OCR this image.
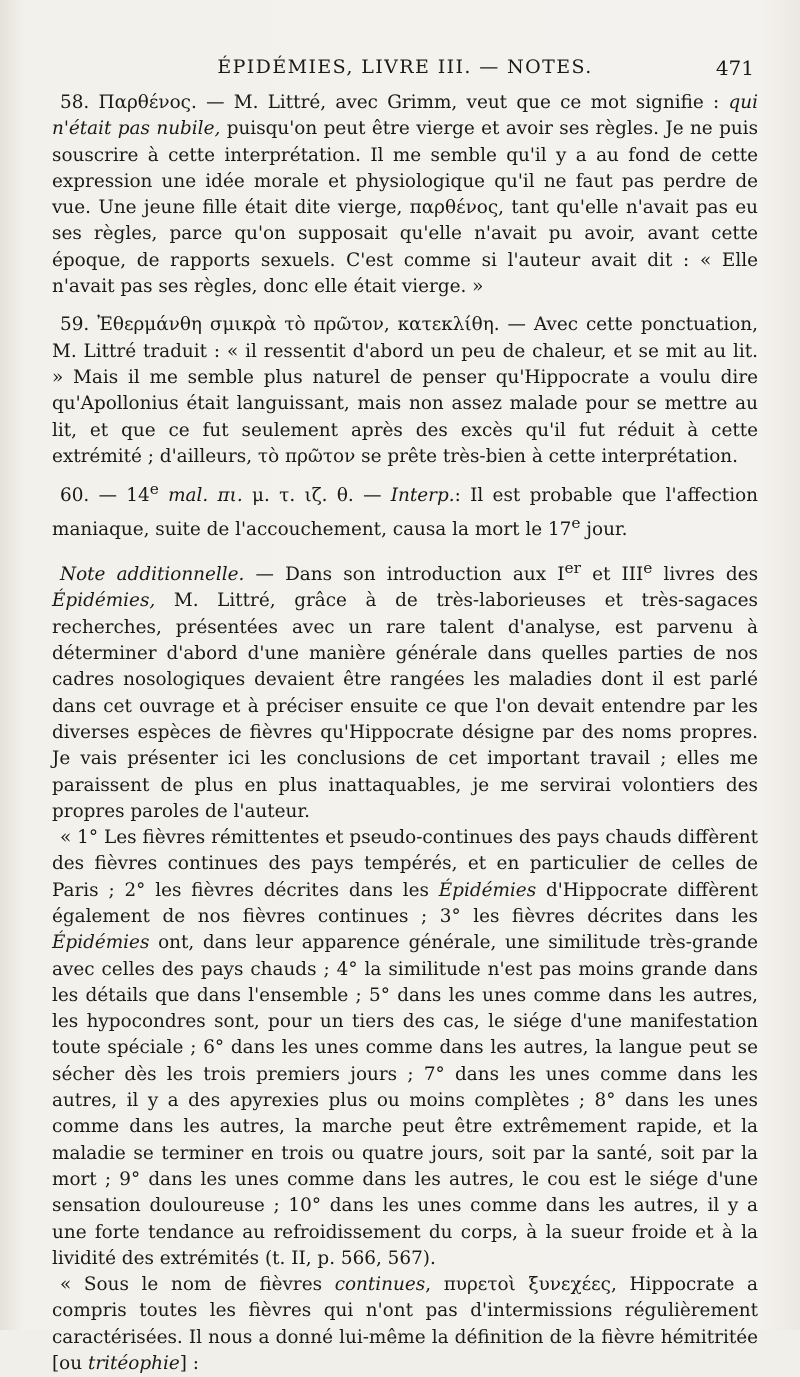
ÉPIDÉMIES, LIVRE III. — NOTES.	471

58. Παρθένος. — M. Littré, avec Grimm, veut que ce mot signifie : qui n'était pas nubile, puisqu'on peut être vierge et avoir ses règles. Je ne puis souscrire à cette interprétation. Il me semble qu'il y a au fond de cette expression une idée morale et physiologique qu'il ne faut pas perdre de vue. Une jeune fille était dite vierge, παρθένος, tant qu'elle n'avait pas eu ses règles, parce qu'on supposait qu'elle n'avait pu avoir, avant cette époque, de rapports sexuels. C'est comme si l'auteur avait dit : « Elle n'avait pas ses règles, donc elle était vierge. »

59. Ἐθερμάνθη σμικρὰ τὸ πρῶτον, κατεκλίθη. — Avec cette ponctuation, M. Littré traduit : « il ressentit d'abord un peu de chaleur, et se mit au lit. » Mais il me semble plus naturel de penser qu'Hippocrate a voulu dire qu'Apollonius était languissant, mais non assez malade pour se mettre au lit, et que ce fut seulement après des excès qu'il fut réduit à cette extrémité ; d'ailleurs, τὸ πρῶτον se prête très-bien à cette interprétation.

60. — 14e mal. πι. μ. τ. ιζ. θ. — Interp.: Il est probable que l'affection maniaque, suite de l'accouchement, causa la mort le 17e jour.

Note additionnelle. — Dans son introduction aux Ier et IIIe livres des Épidémies, M. Littré, grâce à de très-laborieuses et très-sagaces recherches, présentées avec un rare talent d'analyse, est parvenu à déterminer d'abord d'une manière générale dans quelles parties de nos cadres nosologiques devaient être rangées les maladies dont il est parlé dans cet ouvrage et à préciser ensuite ce que l'on devait entendre par les diverses espèces de fièvres qu'Hippocrate désigne par des noms propres. Je vais présenter ici les conclusions de cet important travail ; elles me paraissent de plus en plus inattaquables, je me servirai volontiers des propres paroles de l'auteur.

« 1° Les fièvres rémittentes et pseudo-continues des pays chauds diffèrent des fièvres continues des pays tempérés, et en particulier de celles de Paris ; 2° les fièvres décrites dans les Épidémies d'Hippocrate diffèrent également de nos fièvres continues ; 3° les fièvres décrites dans les Épidémies ont, dans leur apparence générale, une similitude très-grande avec celles des pays chauds ; 4° la similitude n'est pas moins grande dans les détails que dans l'ensemble ; 5° dans les unes comme dans les autres, les hypocondres sont, pour un tiers des cas, le siége d'une manifestation toute spéciale ; 6° dans les unes comme dans les autres, la langue peut se sécher dès les trois premiers jours ; 7° dans les unes comme dans les autres, il y a des apyrexies plus ou moins complètes ; 8° dans les unes comme dans les autres, la marche peut être extrêmement rapide, et la maladie se terminer en trois ou quatre jours, soit par la santé, soit par la mort ; 9° dans les unes comme dans les autres, le cou est le siége d'une sensation douloureuse ; 10° dans les unes comme dans les autres, il y a une forte tendance au refroidissement du corps, à la sueur froide et à la lividité des extrémités (t. II, p. 566, 567).

« Sous le nom de fièvres continues, πυρετοὶ ξυνεχέες, Hippocrate a compris toutes les fièvres qui n'ont pas d'intermissions régulièrement caractérisées. Il nous a donné lui-même la définition de la fièvre hémitritée [ou tritéophie] :
